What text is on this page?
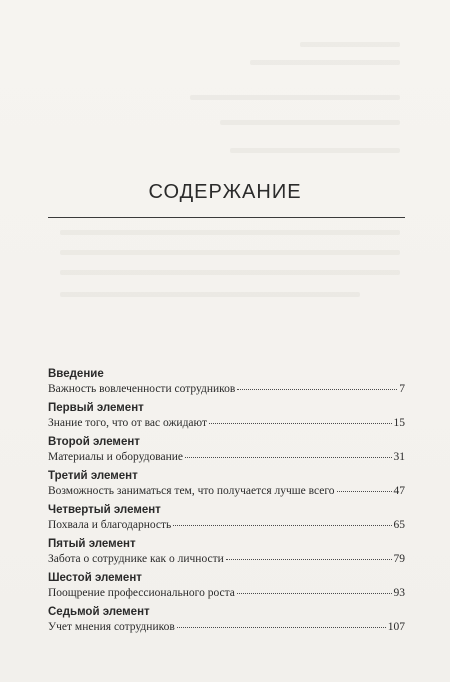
СОДЕРЖАНИЕ
Введение
Важность вовлеченности сотрудников	7
Первый элемент
Знание того, что от вас ожидают	15
Второй элемент
Материалы и оборудование	31
Третий элемент
Возможность заниматься тем, что получается лучше всего	47
Четвертый элемент
Похвала и благодарность	65
Пятый элемент
Забота о сотруднике как о личности	79
Шестой элемент
Поощрение профессионального роста	93
Седьмой элемент
Учет мнения сотрудников	107
